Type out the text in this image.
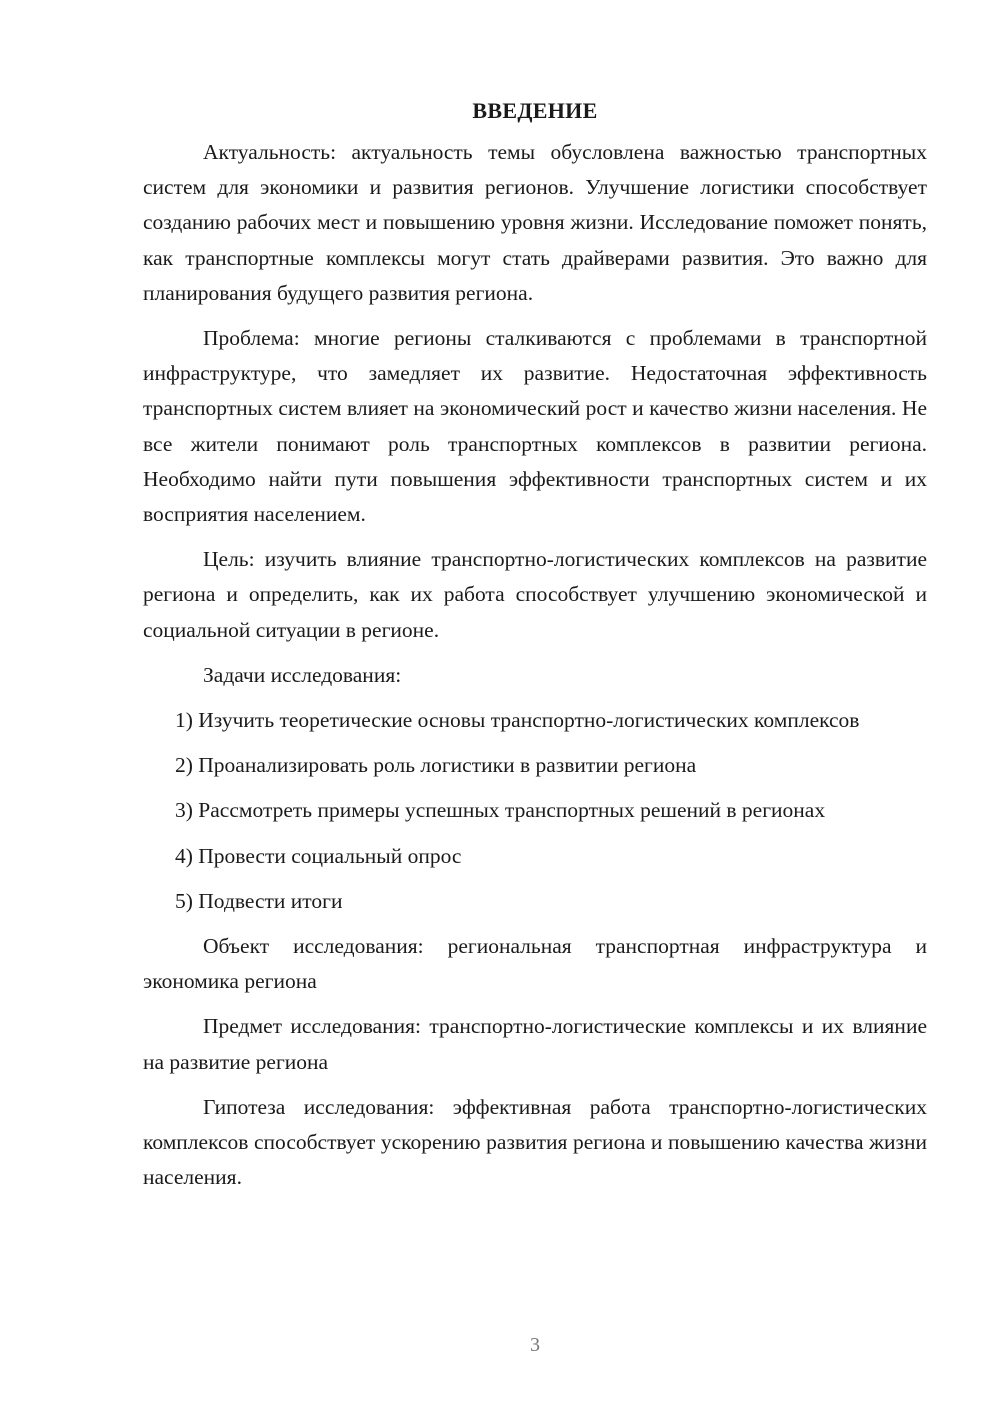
ВВЕДЕНИЕ

Актуальность: актуальность темы обусловлена важностью транспортных систем для экономики и развития регионов. Улучшение логистики способствует созданию рабочих мест и повышению уровня жизни. Исследование поможет понять, как транспортные комплексы могут стать драйверами развития. Это важно для планирования будущего развития региона.

Проблема: многие регионы сталкиваются с проблемами в транспортной инфраструктуре, что замедляет их развитие. Недостаточная эффективность транспортных систем влияет на экономический рост и качество жизни населения. Не все жители понимают роль транспортных комплексов в развитии региона. Необходимо найти пути повышения эффективности транспортных систем и их восприятия населением.

Цель: изучить влияние транспортно-логистических комплексов на развитие региона и определить, как их работа способствует улучшению экономической и социальной ситуации в регионе.

Задачи исследования:

1) Изучить теоретические основы транспортно-логистических комплексов

2) Проанализировать роль логистики в развитии региона

3) Рассмотреть примеры успешных транспортных решений в регионах

4) Провести социальный опрос

5) Подвести итоги

Объект исследования: региональная транспортная инфраструктура и экономика региона

Предмет исследования: транспортно-логистические комплексы и их влияние на развитие региона

Гипотеза исследования: эффективная работа транспортно-логистических комплексов способствует ускорению развития региона и повышению качества жизни населения.

3
